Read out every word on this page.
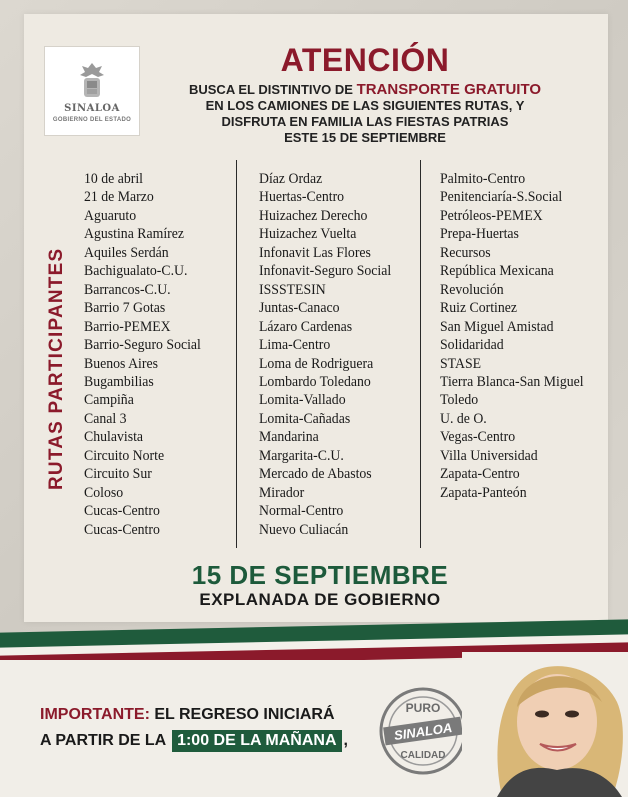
SINALOA
GOBIERNO DEL ESTADO
ATENCIÓN
BUSCA EL DISTINTIVO DE TRANSPORTE GRATUITO
EN LOS CAMIONES DE LAS SIGUIENTES RUTAS, Y
DISFRUTA EN FAMILIA LAS FIESTAS PATRIAS
ESTE 15 DE SEPTIEMBRE
RUTAS PARTICIPANTES
10 de abril
21 de Marzo
Aguaruto
Agustina Ramírez
Aquiles Serdán
Bachigualato-C.U.
Barrancos-C.U.
Barrio 7 Gotas
Barrio-PEMEX
Barrio-Seguro Social
Buenos Aires
Bugambilias
Campiña
Canal 3
Chulavista
Circuito Norte
Circuito Sur
Coloso
Cucas-Centro
Cucas-Centro
Díaz Ordaz
Huertas-Centro
Huizachez Derecho
Huizachez Vuelta
Infonavit Las Flores
Infonavit-Seguro Social
ISSSTESIN
Juntas-Canaco
Lázaro Cardenas
Lima-Centro
Loma de Rodriguera
Lombardo Toledano
Lomita-Vallado
Lomita-Cañadas
Mandarina
Margarita-C.U.
Mercado de Abastos
Mirador
Normal-Centro
Nuevo Culiacán
Palmito-Centro
Penitenciaría-S.Social
Petróleos-PEMEX
Prepa-Huertas
Recursos
República Mexicana
Revolución
Ruiz Cortinez
San Miguel Amistad
Solidaridad
STASE
Tierra Blanca-San Miguel
Toledo
U. de O.
Vegas-Centro
Villa Universidad
Zapata-Centro
Zapata-Panteón
15 DE SEPTIEMBRE
EXPLANADA DE GOBIERNO
IMPORTANTE: EL REGRESO INICIARÁ
A PARTIR DE LA 1:00 DE LA MAÑANA ,
PURO
SINALOA
CALIDAD
